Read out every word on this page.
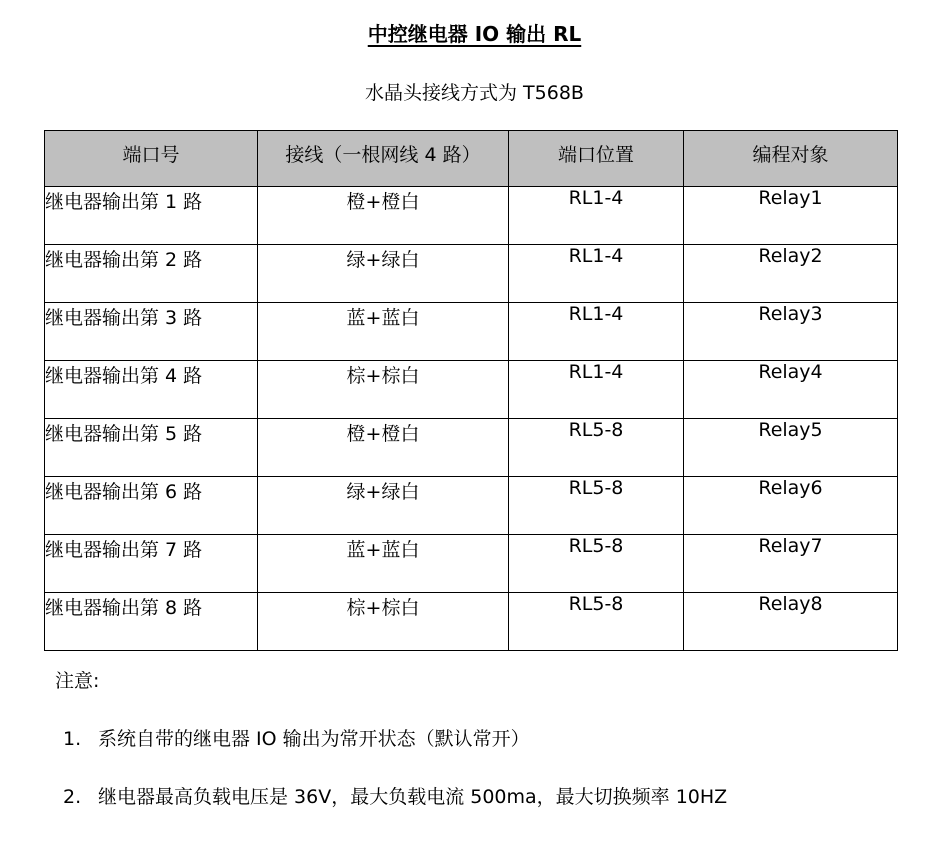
中控继电器 IO 输出 RL
水晶头接线方式为 T568B
端口号	接线（一根网线 4 路）	端口位置	编程对象
继电器输出第 1 路	橙+橙白	RL1-4	Relay1
继电器输出第 2 路	绿+绿白	RL1-4	Relay2
继电器输出第 3 路	蓝+蓝白	RL1-4	Relay3
继电器输出第 4 路	棕+棕白	RL1-4	Relay4
继电器输出第 5 路	橙+橙白	RL5-8	Relay5
继电器输出第 6 路	绿+绿白	RL5-8	Relay6
继电器输出第 7 路	蓝+蓝白	RL5-8	Relay7
继电器输出第 8 路	棕+棕白	RL5-8	Relay8
注意:
1. 系统自带的继电器 IO 输出为常开状态（默认常开）
2. 继电器最高负载电压是 36V，最大负载电流 500ma，最大切换频率 10HZ
